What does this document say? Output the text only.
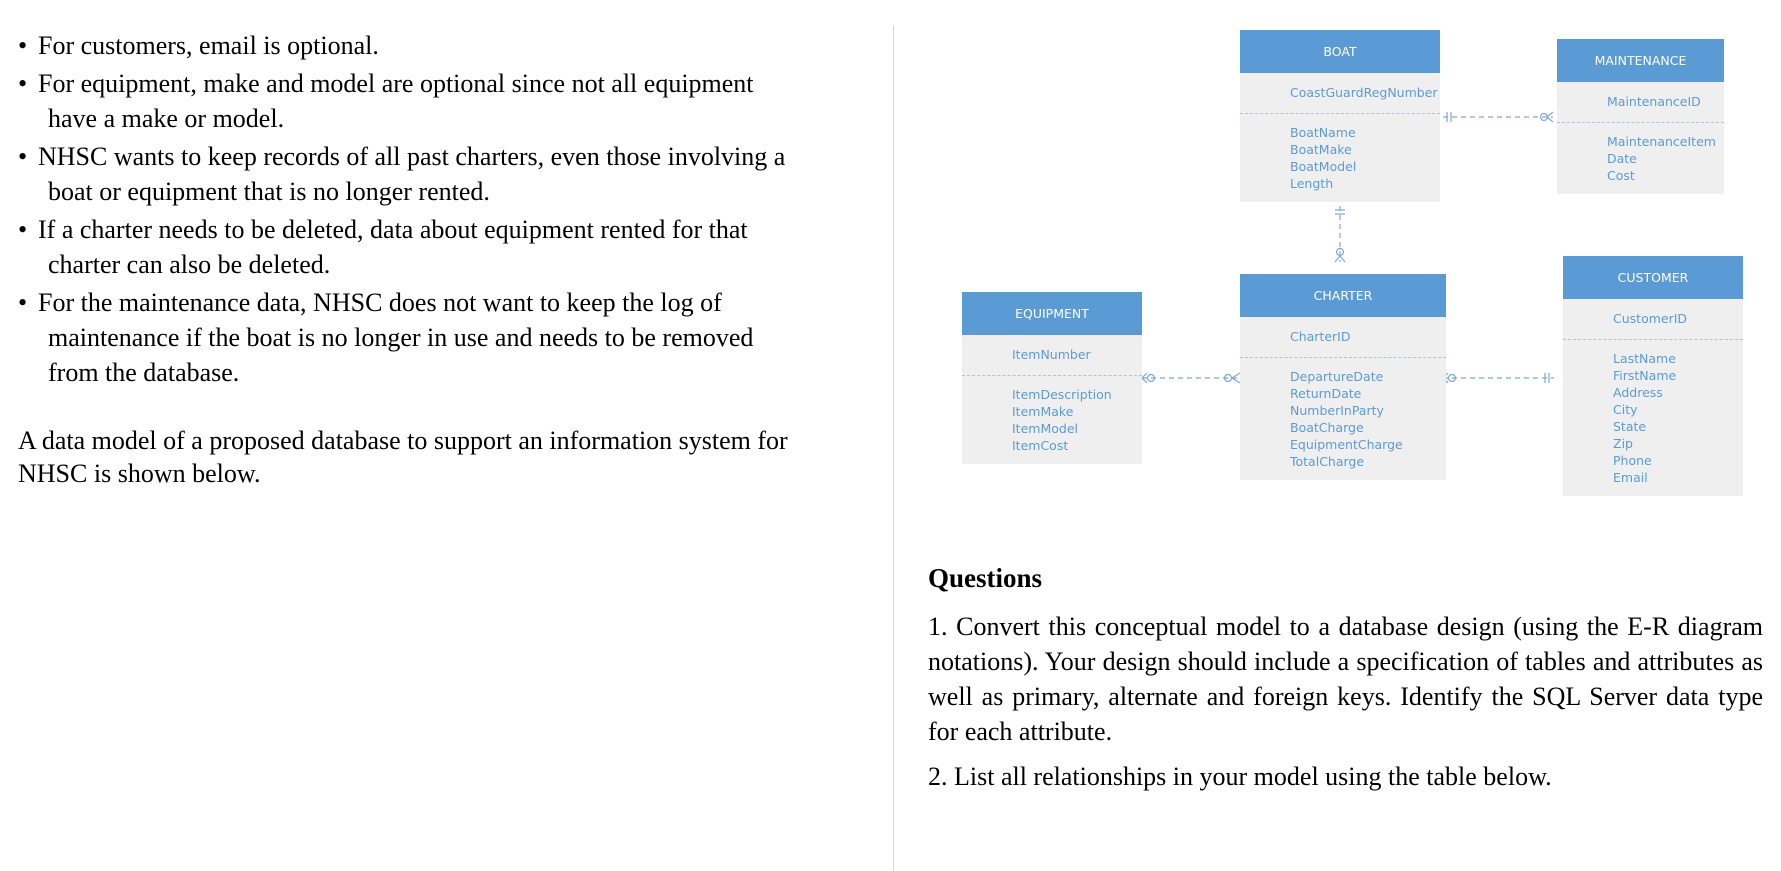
• For customers, email is optional.
• For equipment, make and model are optional since not all equipment
have a make or model.
• NHSC wants to keep records of all past charters, even those involving a
boat or equipment that is no longer rented.
• If a charter needs to be deleted, data about equipment rented for that
charter can also be deleted.
• For the maintenance data, NHSC does not want to keep the log of
maintenance if the boat is no longer in use and needs to be removed
from the database.
A data model of a proposed database to support an information system for
NHSC is shown below.
BOAT
CoastGuardRegNumber
BoatName
BoatMake
BoatModel
Length
MAINTENANCE
MaintenanceID
MaintenanceItem
Date
Cost
CUSTOMER
CustomerID
LastName
FirstName
Address
City
State
Zip
Phone
Email
CHARTER
CharterID
DepartureDate
ReturnDate
NumberInParty
BoatCharge
EquipmentCharge
TotalCharge
EQUIPMENT
ItemNumber
ItemDescription
ItemMake
ItemModel
ItemCost
Questions

1. Convert this conceptual model to a database design (using the E-R diagram notations). Your design should include a specification of tables and attributes as well as primary, alternate and foreign keys. Identify the SQL Server data type for each attribute.

2. List all relationships in your model using the table below.
